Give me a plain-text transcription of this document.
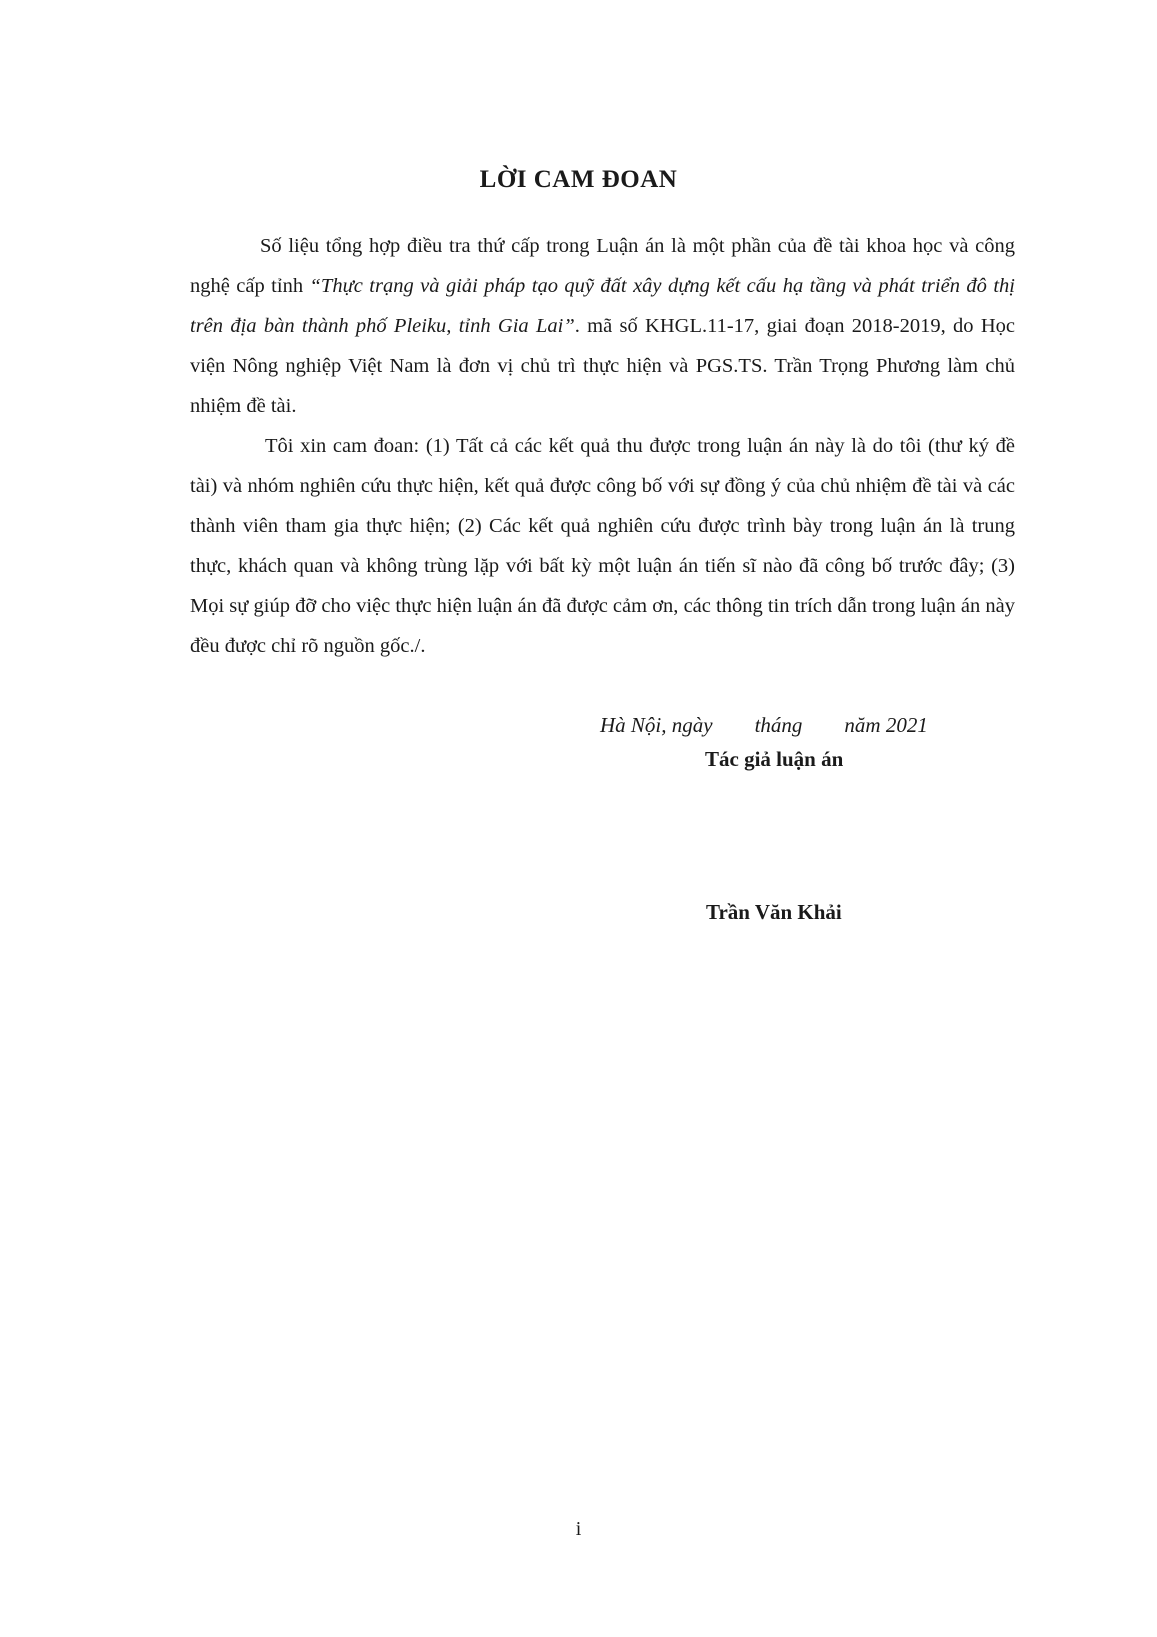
LỜI CAM ĐOAN
Số liệu tổng hợp điều tra thứ cấp trong Luận án là một phần của đề tài khoa học và công nghệ cấp tỉnh “Thực trạng và giải pháp tạo quỹ đất xây dựng kết cấu hạ tầng và phát triển đô thị trên địa bàn thành phố Pleiku, tỉnh Gia Lai”. mã số KHGL.11-17, giai đoạn 2018-2019, do Học viện Nông nghiệp Việt Nam là đơn vị chủ trì thực hiện và PGS.TS. Trần Trọng Phương làm chủ nhiệm đề tài.
Tôi xin cam đoan: (1) Tất cả các kết quả thu được trong luận án này là do tôi (thư ký đề tài) và nhóm nghiên cứu thực hiện, kết quả được công bố với sự đồng ý của chủ nhiệm đề tài và các thành viên tham gia thực hiện; (2) Các kết quả nghiên cứu được trình bày trong luận án là trung thực, khách quan và không trùng lặp với bất kỳ một luận án tiến sĩ nào đã công bố trước đây; (3) Mọi sự giúp đỡ cho việc thực hiện luận án đã được cảm ơn, các thông tin trích dẫn trong luận án này đều được chỉ rõ nguồn gốc./.
Hà Nội, ngày        tháng        năm 2021
Tác giả luận án
Trần Văn Khải
i
